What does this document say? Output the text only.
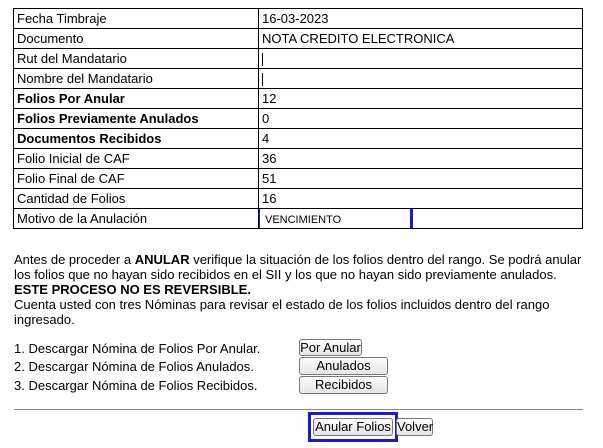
Fecha Timbraje	16-03-2023
Documento	NOTA CREDITO ELECTRONICA
Rut del Mandatario	
Nombre del Mandatario	
Folios Por Anular	12
Folios Previamente Anulados	0
Documentos Recibidos	4
Folio Inicial de CAF	36
Folio Final de CAF	51
Cantidad de Folios	16
Motivo de la Anulación	VENCIMIENTO

Antes de proceder a ANULAR verifique la situación de los folios dentro del rango. Se podrá anular los folios que no hayan sido recibidos en el SII y los que no hayan sido previamente anulados.

ESTE PROCESO NO ES REVERSIBLE.

Cuenta usted con tres Nóminas para revisar el estado de los folios incluidos dentro del rango ingresado.

1. Descargar Nómina de Folios Por Anular.	Por Anular
2. Descargar Nómina de Folios Anulados.	Anulados
3. Descargar Nómina de Folios Recibidos.	Recibidos
Anular Folios Volver
